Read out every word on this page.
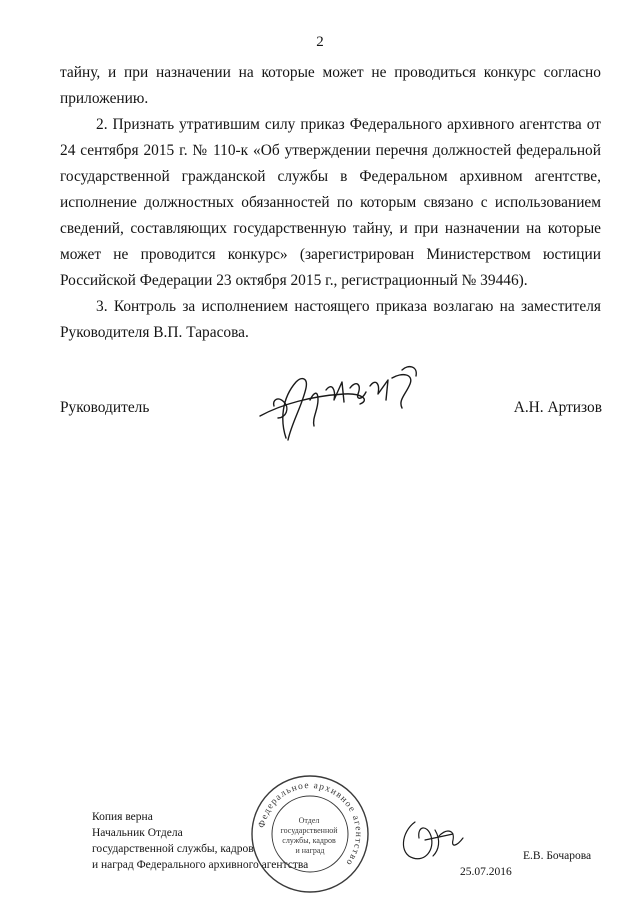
2

тайну, и при назначении на которые может не проводиться конкурс согласно приложению.

2. Признать утратившим силу приказ Федерального архивного агентства от 24 сентября 2015 г. № 110-к «Об утверждении перечня должностей федеральной государственной гражданской службы в Федеральном архивном агентстве, исполнение должностных обязанностей по которым связано с использованием сведений, составляющих государственную тайну, и при назначении на которые может не проводится конкурс» (зарегистрирован Министерством юстиции Российской Федерации 23 октября 2015 г., регистрационный № 39446).

3. Контроль за исполнением настоящего приказа возлагаю на заместителя Руководителя В.П. Тарасова.

Руководитель	А.Н. Артизов
Копия верна
Начальник Отдела
государственной службы, кадров
и наград Федерального архивного агентства
Федеральное архивное агентство
Отдел государственной службы, кадров и наград
25.07.2016
Е.В. Бочарова
